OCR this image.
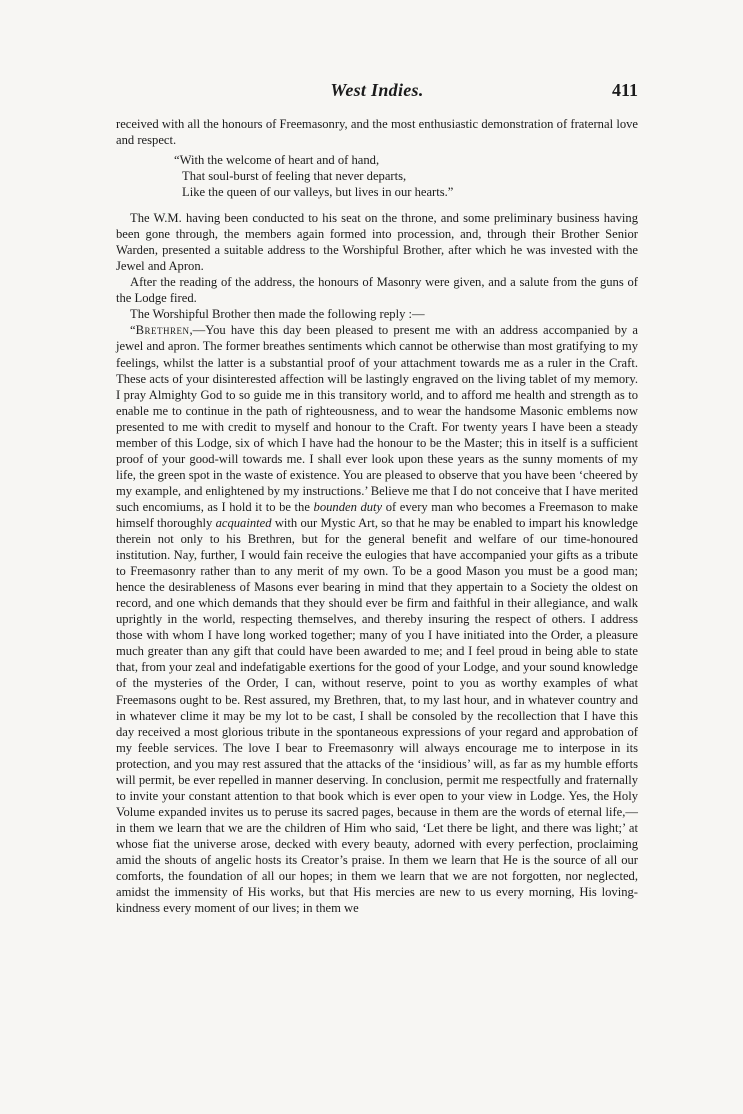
West Indies.	411

received with all the honours of Freemasonry, and the most enthusiastic demonstration of fraternal love and respect.

“With the welcome of heart and of hand,
That soul-burst of feeling that never departs,
Like the queen of our valleys, but lives in our hearts.”

The W.M. having been conducted to his seat on the throne, and some preliminary business having been gone through, the members again formed into procession, and, through their Brother Senior Warden, presented a suitable address to the Worshipful Brother, after which he was invested with the Jewel and Apron.

After the reading of the address, the honours of Masonry were given, and a salute from the guns of the Lodge fired.

The Worshipful Brother then made the following reply :—

“Brethren,—You have this day been pleased to present me with an address accompanied by a jewel and apron. The former breathes sentiments which cannot be otherwise than most gratifying to my feelings, whilst the latter is a substantial proof of your attachment towards me as a ruler in the Craft. These acts of your disinterested affection will be lastingly engraved on the living tablet of my memory. I pray Almighty God to so guide me in this transitory world, and to afford me health and strength as to enable me to continue in the path of righteousness, and to wear the handsome Masonic emblems now presented to me with credit to myself and honour to the Craft. For twenty years I have been a steady member of this Lodge, six of which I have had the honour to be the Master; this in itself is a sufficient proof of your good-will towards me. I shall ever look upon these years as the sunny moments of my life, the green spot in the waste of existence. You are pleased to observe that you have been ‘cheered by my example, and enlightened by my instructions.’ Believe me that I do not conceive that I have merited such encomiums, as I hold it to be the bounden duty of every man who becomes a Freemason to make himself thoroughly acquainted with our Mystic Art, so that he may be enabled to impart his knowledge therein not only to his Brethren, but for the general benefit and welfare of our time-honoured institution. Nay, further, I would fain receive the eulogies that have accompanied your gifts as a tribute to Freemasonry rather than to any merit of my own. To be a good Mason you must be a good man; hence the desirableness of Masons ever bearing in mind that they appertain to a Society the oldest on record, and one which demands that they should ever be firm and faithful in their allegiance, and walk uprightly in the world, respecting themselves, and thereby insuring the respect of others. I address those with whom I have long worked together; many of you I have initiated into the Order, a pleasure much greater than any gift that could have been awarded to me; and I feel proud in being able to state that, from your zeal and indefatigable exertions for the good of your Lodge, and your sound knowledge of the mysteries of the Order, I can, without reserve, point to you as worthy examples of what Freemasons ought to be. Rest assured, my Brethren, that, to my last hour, and in whatever country and in whatever clime it may be my lot to be cast, I shall be consoled by the recollection that I have this day received a most glorious tribute in the spontaneous expressions of your regard and approbation of my feeble services. The love I bear to Freemasonry will always encourage me to interpose in its protection, and you may rest assured that the attacks of the ‘insidious’ will, as far as my humble efforts will permit, be ever repelled in manner deserving. In conclusion, permit me respectfully and fraternally to invite your constant attention to that book which is ever open to your view in Lodge. Yes, the Holy Volume expanded invites us to peruse its sacred pages, because in them are the words of eternal life,—in them we learn that we are the children of Him who said, ‘Let there be light, and there was light;’ at whose fiat the universe arose, decked with every beauty, adorned with every perfection, proclaiming amid the shouts of angelic hosts its Creator’s praise. In them we learn that He is the source of all our comforts, the foundation of all our hopes; in them we learn that we are not forgotten, nor neglected, amidst the immensity of His works, but that His mercies are new to us every morning, His loving-kindness every moment of our lives; in them we
